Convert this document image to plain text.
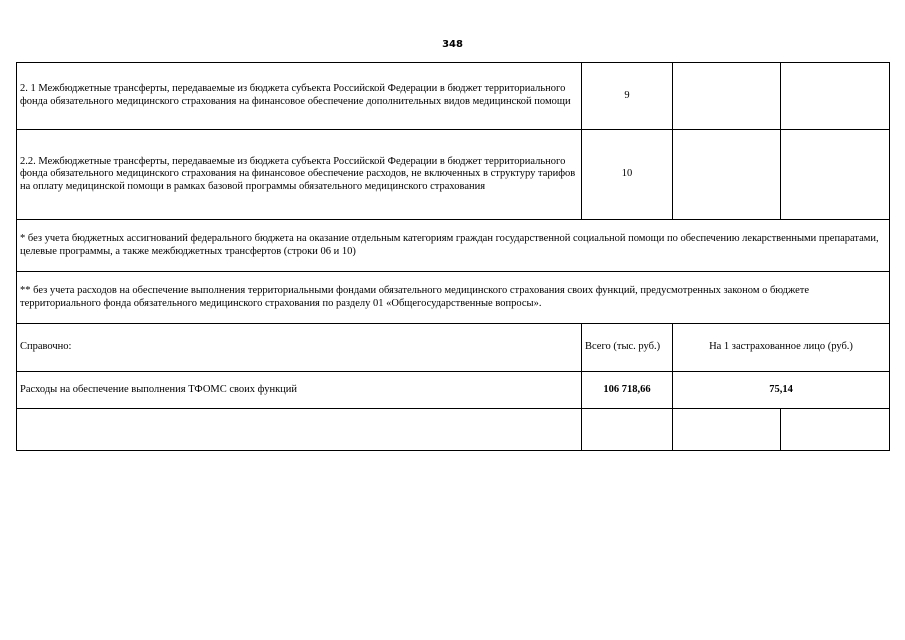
348
2. 1 Межбюджетные трансферты, передаваемые из бюджета субъекта Российской Федерации в бюджет территориального фонда обязательного медицинского страхования на финансовое обеспечение дополнительных видов медицинской помощи	9		
2.2. Межбюджетные трансферты, передаваемые из бюджета субъекта Российской Федерации в бюджет территориального фонда обязательного медицинского страхования на финансовое обеспечение расходов, не включенных в структуру тарифов на оплату медицинской помощи в рамках базовой программы обязательного медицинского страхования	10		
* без учета бюджетных ассигнований федерального бюджета на оказание отдельным категориям граждан государственной социальной помощи по обеспечению лекарственными препаратами, целевые программы, а также межбюджетных трансфертов (строки 06 и 10)			
** без учета расходов на обеспечение выполнения территориальными фондами обязательного медицинского страхования своих функций, предусмотренных законом о бюджете территориального фонда обязательного медицинского страхования по разделу 01 «Общегосударственные вопросы».			
Справочно:	Всего (тыс. руб.)	На 1 застрахованное лицо (руб.)	
Расходы на обеспечение выполнения ТФОМС своих функций	106 718,66	75,14	
